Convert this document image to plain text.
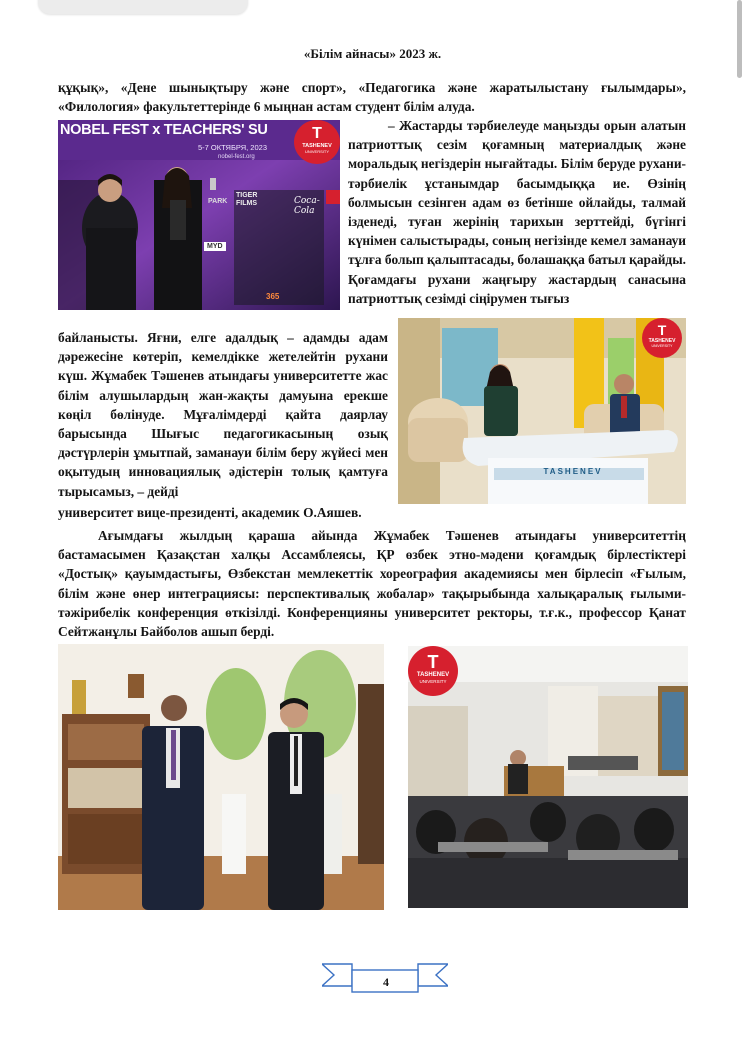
«Білім айнасы» 2023 ж.

құқық», «Дене шынықтыру және спорт», «Педагогика және жаратылыстану ғылымдары», «Филология» факультеттерінде 6 мыңнан астам студент білім алуда.

NOBEL FEST x TEACHERS' SU
5-7 ОКТЯБРЯ, 2023
nobel-fest.org
PARK
TIGER FILMS	Coca-Cola
MYD
365
T
TASHENEV
UNIVERSITY

– Жастарды тәрбиелеуде маңызды орын алатын патриоттық сезім қоғамның материалдық және моральдық негіздерін нығайтады. Білім беруде рухани-тәрбиелік ұстанымдар басымдыққа ие. Өзінің болмысын сезінген адам өз бетінше ойлайды, талмай ізденеді, туған жерінің тарихын зерттейді, бүгінгі күнімен салыстырады, соның негізінде кемел заманауи тұлға болып қалыптасады, болашаққа батыл қарайды. Қоғамдағы рухани жаңғыру жастардың санасына патриоттық сезімді сіңірумен тығыз

TASHENEV
T
TASHENEV
UNIVERSITY

байланысты. Яғни, елге адалдық – адамды адам дәрежесіне көтеріп, кемелдікке жетелейтін рухани күш. Жұмабек Тәшенев атындағы университетте жас білім алушылардың жан-жақты дамуына ерекше көңіл бөлінуде. Мұғалімдерді қайта даярлау барысында Шығыс педагогикасының озық дәстүрлерін ұмытпай, заманауи білім беру жүйесі мен оқытудың инновациялық әдістерін толық қамтуға тырысамыз, – дейді

университет вице-президенті, академик О.Аяшев.

Ағымдағы жылдың қараша айында Жұмабек Тәшенев атындағы университеттің бастамасымен Қазақстан халқы Ассамблеясы, ҚР өзбек этно-мәдени қоғамдық бірлестіктері «Достық» қауымдастығы, Өзбекстан мемлекеттік хореография академиясы мен бірлесіп «Ғылым, білім және өнер интеграциясы: перспективалық жобалар» тақырыбында халықаралық ғылыми-тәжірибелік конференция өткізілді. Конференцияны университет ректоры, т.ғ.к., профессор Қанат Сейтжанұлы Байболов ашып берді.

T
TASHENEV
UNIVERSITY
4
